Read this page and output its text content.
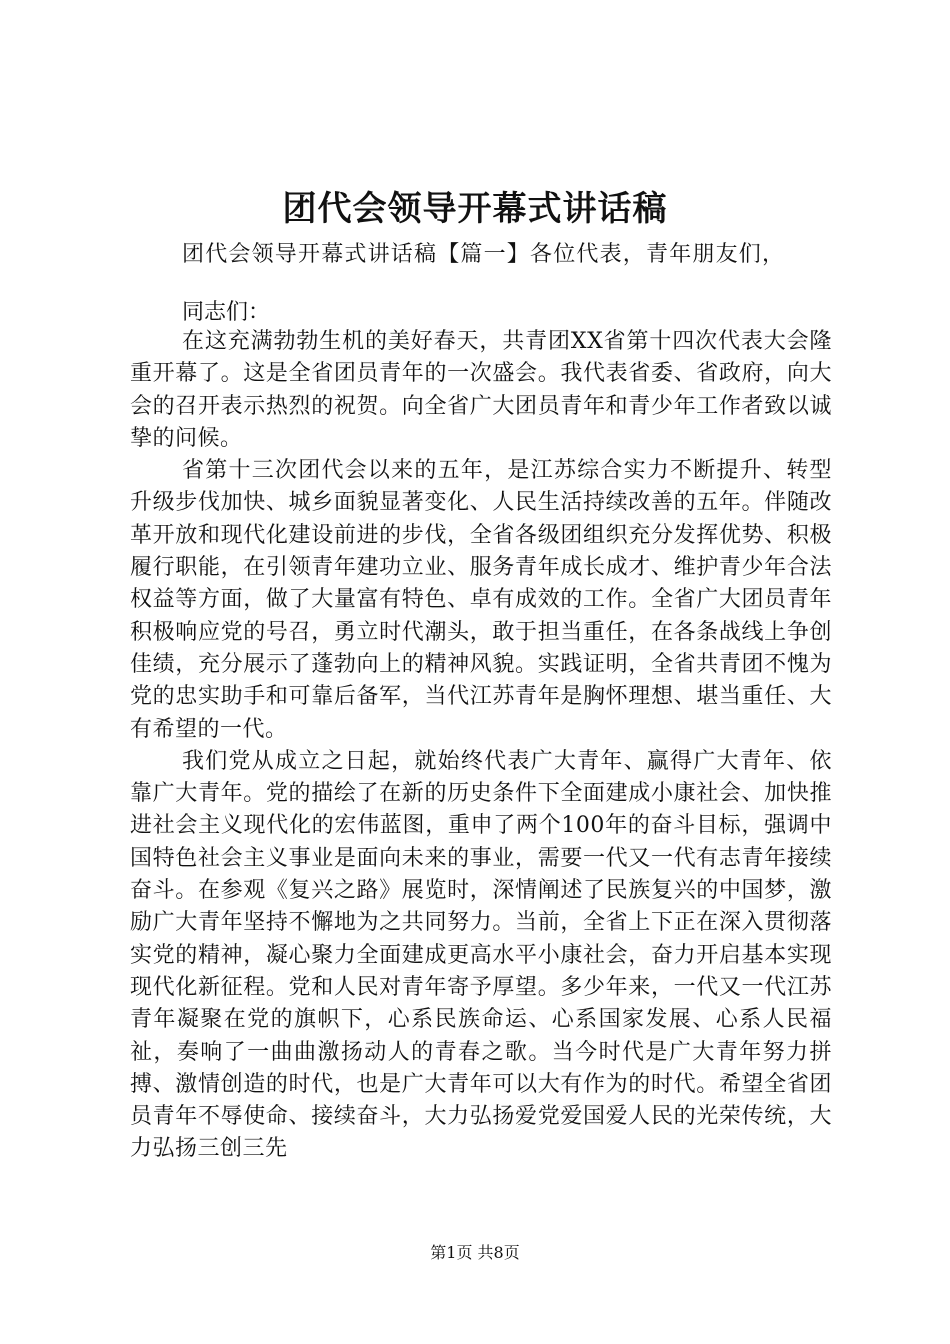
团代会领导开幕式讲话稿
团代会领导开幕式讲话稿【篇一】各位代表，青年朋友们，
同志们：

在这充满勃勃生机的美好春天，共青团XX省第十四次代表大会隆重开幕了。这是全省团员青年的一次盛会。我代表省委、省政府，向大会的召开表示热烈的祝贺。向全省广大团员青年和青少年工作者致以诚挚的问候。

省第十三次团代会以来的五年，是江苏综合实力不断提升、转型升级步伐加快、城乡面貌显著变化、人民生活持续改善的五年。伴随改革开放和现代化建设前进的步伐，全省各级团组织充分发挥优势、积极履行职能，在引领青年建功立业、服务青年成长成才、维护青少年合法权益等方面，做了大量富有特色、卓有成效的工作。全省广大团员青年积极响应党的号召，勇立时代潮头，敢于担当重任，在各条战线上争创佳绩，充分展示了蓬勃向上的精神风貌。实践证明，全省共青团不愧为党的忠实助手和可靠后备军，当代江苏青年是胸怀理想、堪当重任、大有希望的一代。

我们党从成立之日起，就始终代表广大青年、赢得广大青年、依靠广大青年。党的描绘了在新的历史条件下全面建成小康社会、加快推进社会主义现代化的宏伟蓝图，重申了两个100年的奋斗目标，强调中国特色社会主义事业是面向未来的事业，需要一代又一代有志青年接续奋斗。在参观《复兴之路》展览时，深情阐述了民族复兴的中国梦，激励广大青年坚持不懈地为之共同努力。当前，全省上下正在深入贯彻落实党的精神，凝心聚力全面建成更高水平小康社会，奋力开启基本实现现代化新征程。党和人民对青年寄予厚望。多少年来，一代又一代江苏青年凝聚在党的旗帜下，心系民族命运、心系国家发展、心系人民福祉，奏响了一曲曲激扬动人的青春之歌。当今时代是广大青年努力拼搏、激情创造的时代，也是广大青年可以大有作为的时代。希望全省团员青年不辱使命、接续奋斗，大力弘扬爱党爱国爱人民的光荣传统，大力弘扬三创三先

第1页 共8页
